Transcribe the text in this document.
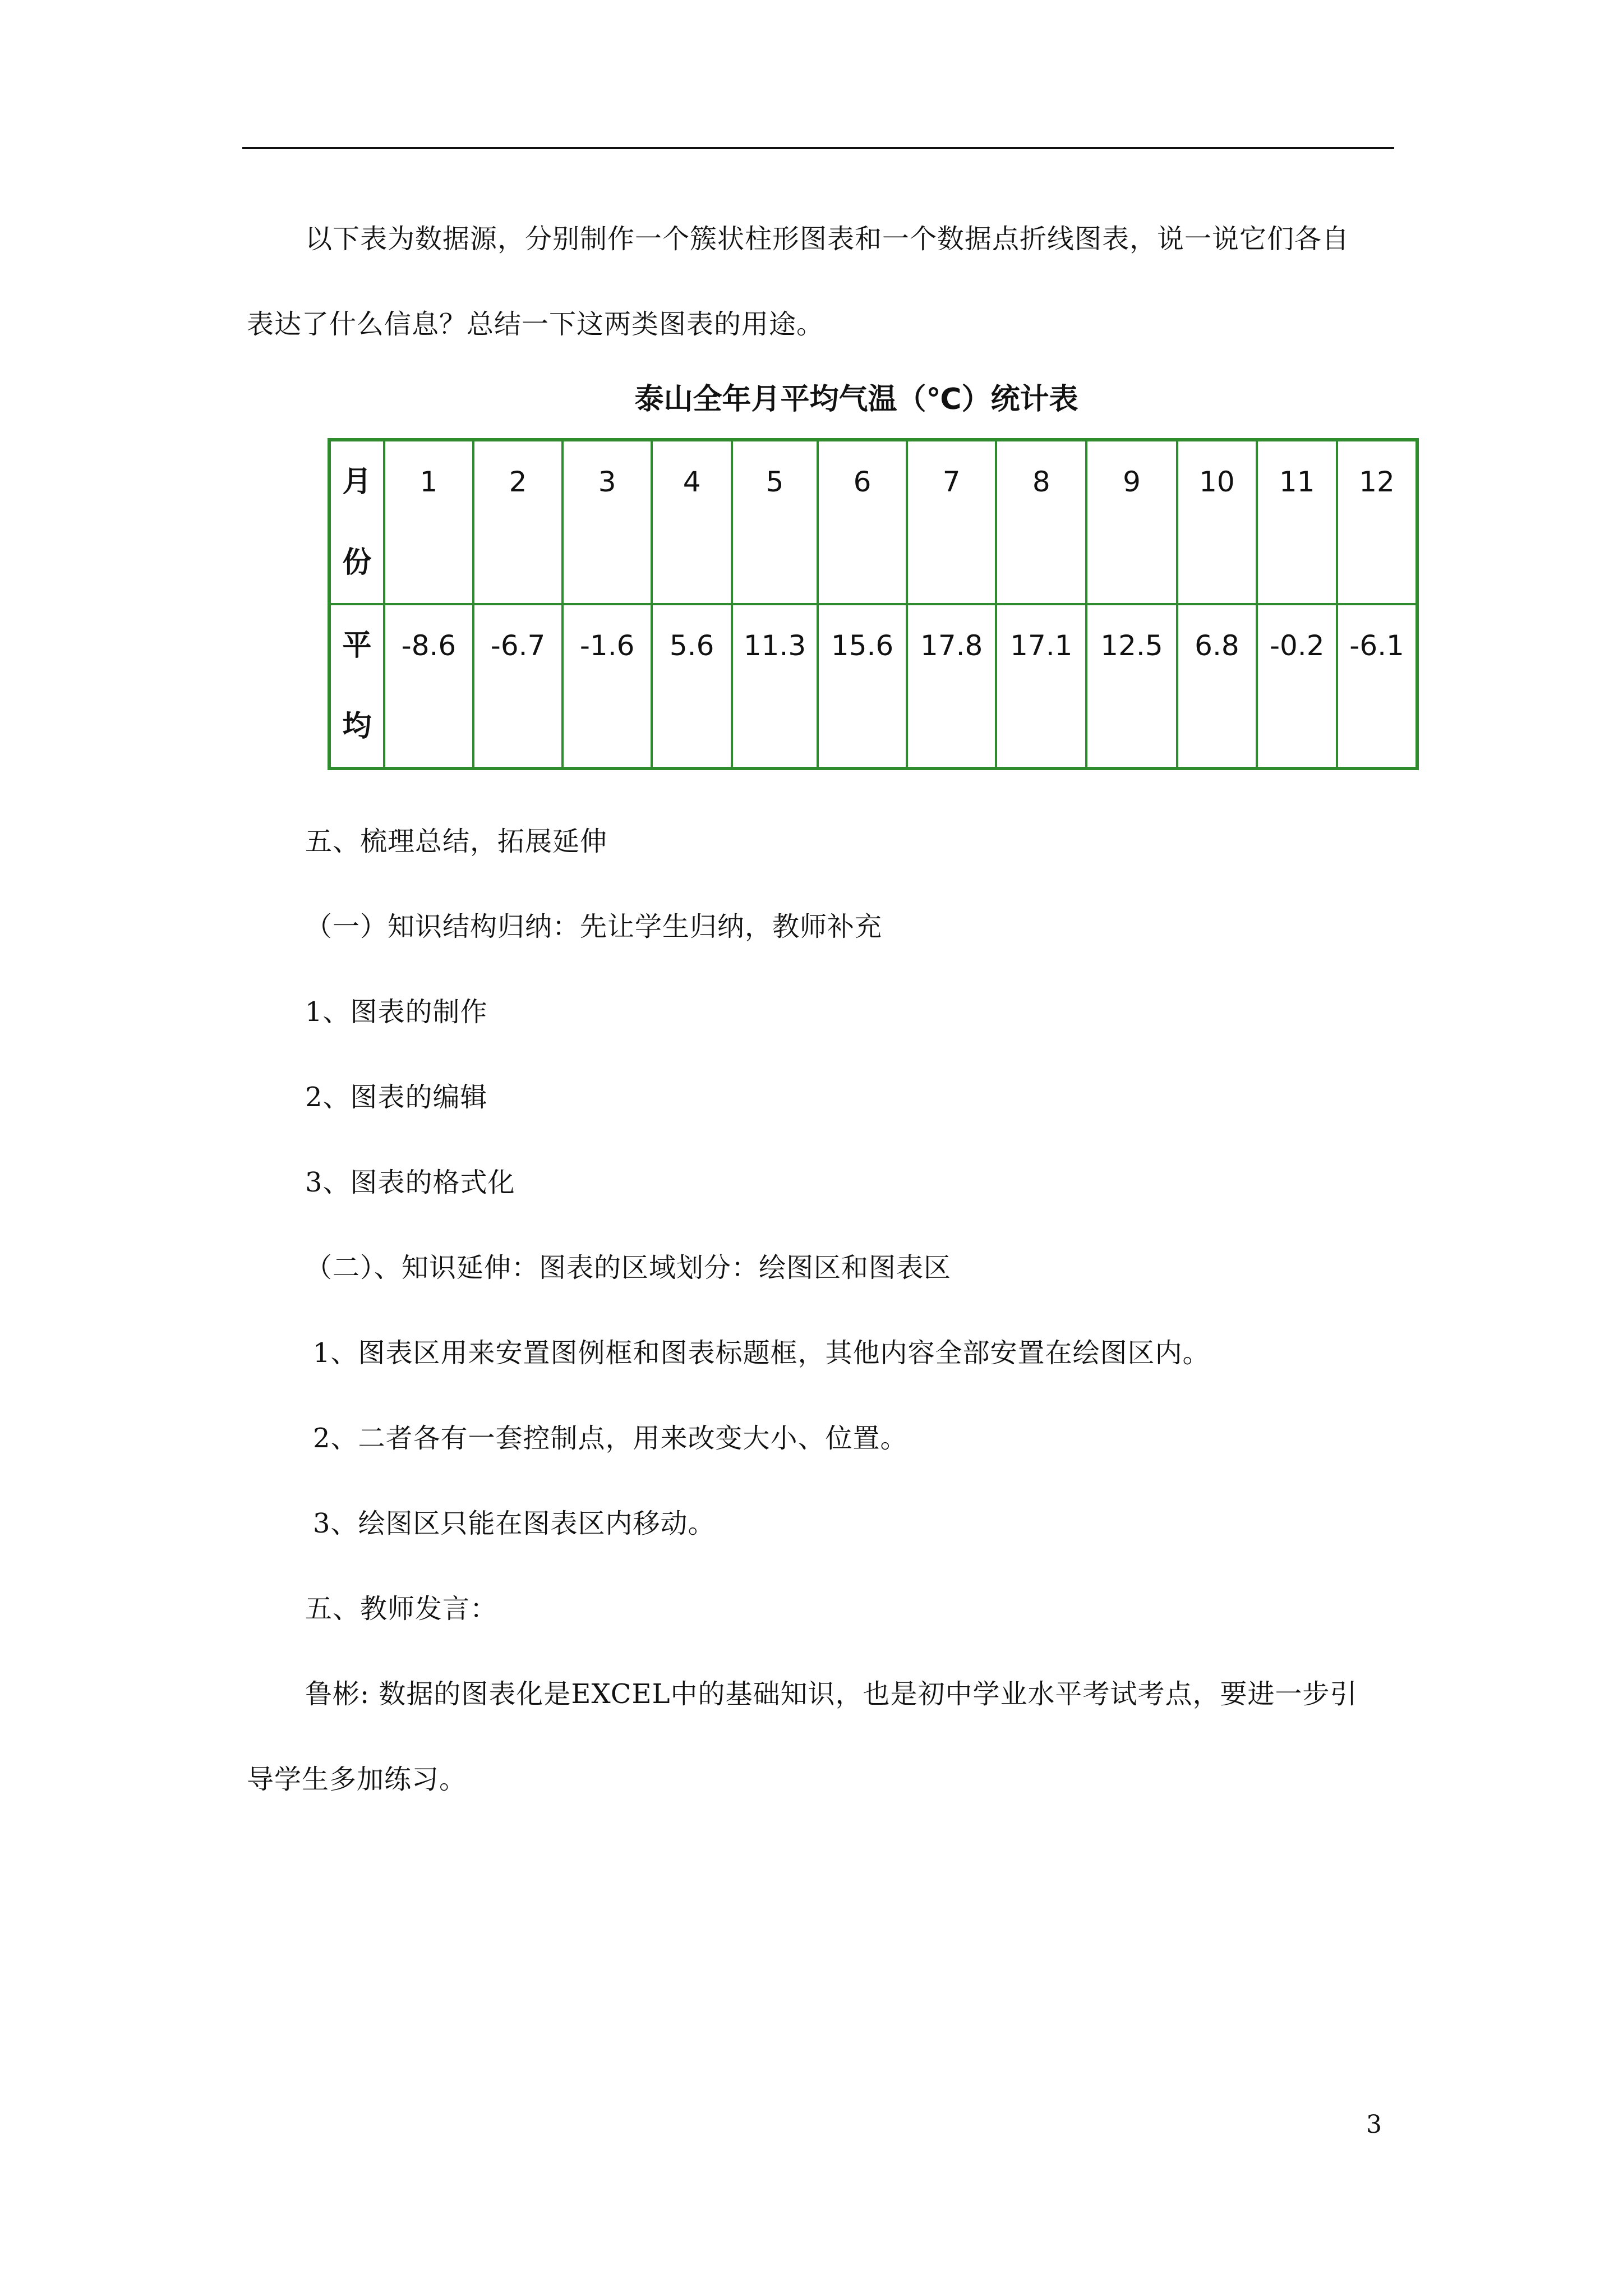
以下表为数据源，分别制作一个簇状柱形图表和一个数据点折线图表，说一说它们各自
表达了什么信息？总结一下这两类图表的用途。
泰山全年月平均气温（℃）统计表
月份	1	2	3	4	5	6	7	8	9	10	11	12
平均	-8.6	-6.7	-1.6	5.6	11.3	15.6	17.8	17.1	12.5	6.8	-0.2	-6.1
五、梳理总结，拓展延伸
（一）知识结构归纳：先让学生归纳，教师补充
1、图表的制作
2、图表的编辑
3、图表的格式化
（二）、知识延伸：图表的区域划分：绘图区和图表区
1、图表区用来安置图例框和图表标题框，其他内容全部安置在绘图区内。
2、二者各有一套控制点，用来改变大小、位置。
3、绘图区只能在图表区内移动。
五、教师发言：
鲁彬: 数据的图表化是EXCEL中的基础知识，也是初中学业水平考试考点，要进一步引
导学生多加练习。
3
